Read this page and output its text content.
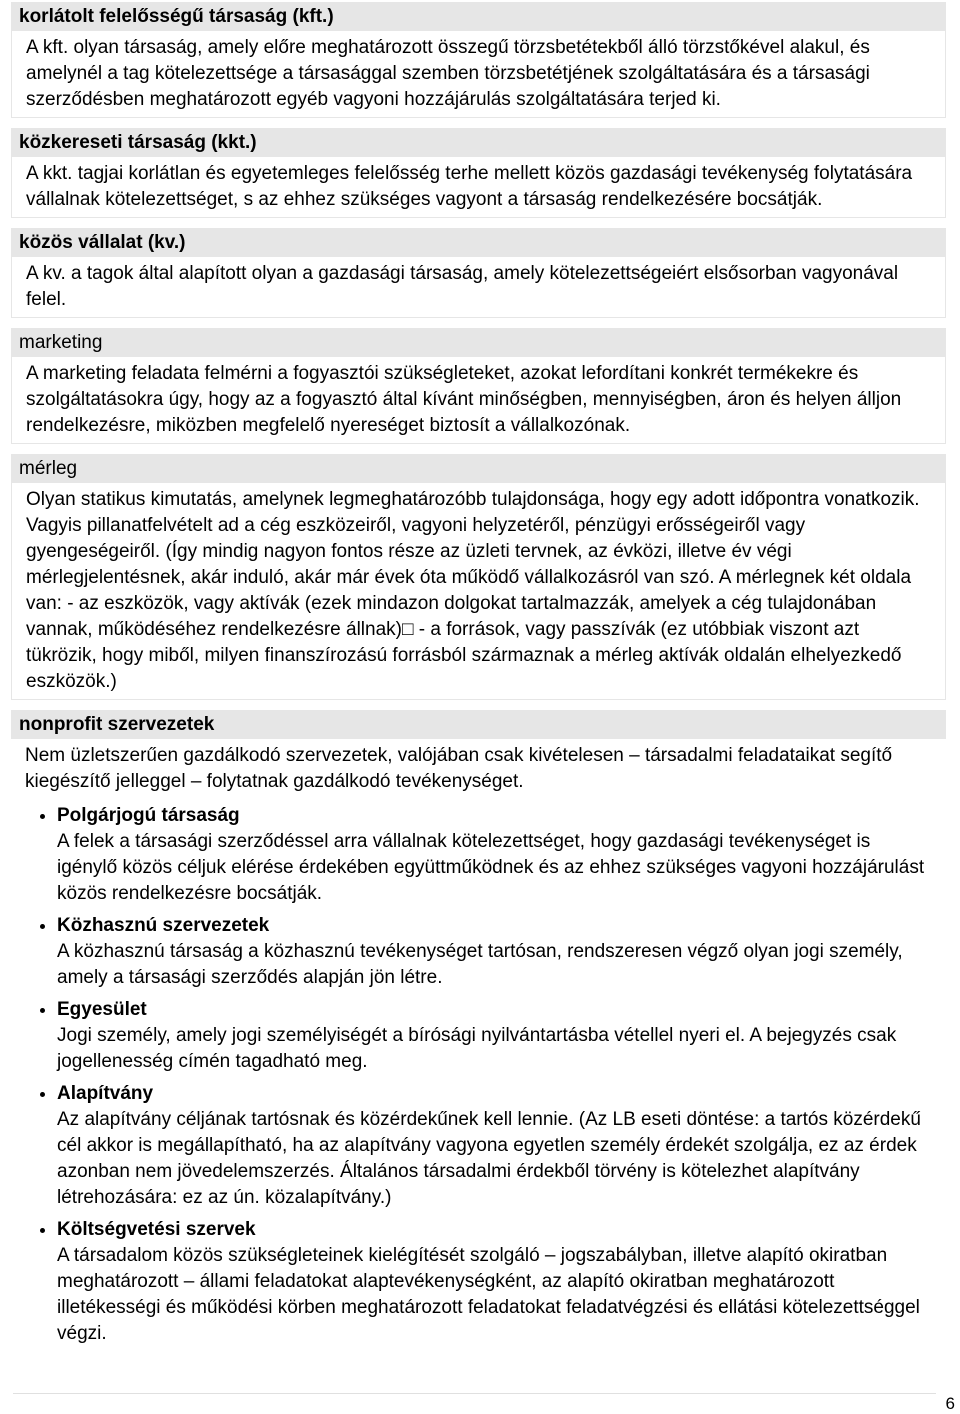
korlátolt felelősségű társaság (kft.)

A kft. olyan társaság, amely előre meghatározott összegű törzsbetétekből álló törzstőkével alakul, és amelynél a tag kötelezettsége a társasággal szemben törzsbetétjének szolgáltatására és a társasági szerződésben meghatározott egyéb vagyoni hozzájárulás szolgáltatására terjed ki.

közkereseti társaság (kkt.)

A kkt. tagjai korlátlan és egyetemleges felelősség terhe mellett közös gazdasági tevékenység folytatására vállalnak kötelezettséget, s az ehhez szükséges vagyont a társaság rendelkezésére bocsátják.

közös vállalat (kv.)

A kv. a tagok által alapított olyan a gazdasági társaság, amely kötelezettségeiért elsősorban vagyonával felel.

marketing

A marketing feladata felmérni a fogyasztói szükségleteket, azokat lefordítani konkrét termékekre és szolgáltatásokra úgy, hogy az a fogyasztó által kívánt minőségben, mennyiségben, áron és helyen álljon rendelkezésre, miközben megfelelő nyereséget biztosít a vállalkozónak.

mérleg

Olyan statikus kimutatás, amelynek legmeghatározóbb tulajdonsága, hogy egy adott időpontra vonatkozik. Vagyis pillanatfelvételt ad a cég eszközeiről, vagyoni helyzetéről, pénzügyi erősségeiről vagy gyengeségeiről. (Így mindig nagyon fontos része az üzleti tervnek, az évközi, illetve év végi mérlegjelentésnek, akár induló, akár már évek óta működő vállalkozásról van szó. A mérlegnek két oldala van: - az eszközök, vagy aktívák (ezek mindazon dolgokat tartalmazzák, amelyek a cég tulajdonában vannak, működéséhez rendelkezésre állnak)□ - a források, vagy passzívák (ez utóbbiak viszont azt tükrözik, hogy miből, milyen finanszírozású forrásból származnak a mérleg aktívák oldalán elhelyezkedő eszközök.)

nonprofit szervezetek

Nem üzletszerűen gazdálkodó szervezetek, valójában csak kivételesen – társadalmi feladataikat segítő kiegészítő jelleggel – folytatnak gazdálkodó tevékenységet.

• Polgárjogú társaság
A felek a társasági szerződéssel arra vállalnak kötelezettséget, hogy gazdasági tevékenységet is igénylő közös céljuk elérése érdekében együttműködnek és az ehhez szükséges vagyoni hozzájárulást közös rendelkezésre bocsátják.
• Közhasznú szervezetek
A közhasznú társaság a közhasznú tevékenységet tartósan, rendszeresen végző olyan jogi személy, amely a társasági szerződés alapján jön létre.
• Egyesület
Jogi személy, amely jogi személyiségét a bírósági nyilvántartásba vétellel nyeri el. A bejegyzés csak jogellenesség címén tagadható meg.
• Alapítvány
Az alapítvány céljának tartósnak és közérdekűnek kell lennie. (Az LB eseti döntése: a tartós közérdekű cél akkor is megállapítható, ha az alapítvány vagyona egyetlen személy érdekét szolgálja, ez az érdek azonban nem jövedelemszerzés. Általános társadalmi érdekből törvény is kötelezhet alapítvány létrehozására: ez az ún. közalapítvány.)
• Költségvetési szervek
A társadalom közös szükségleteinek kielégítését szolgáló – jogszabályban, illetve alapító okiratban meghatározott – állami feladatokat alaptevékenységként, az alapító okiratban meghatározott illetékességi és működési körben meghatározott feladatokat feladatvégzési és ellátási kötelezettséggel végzi.
6
